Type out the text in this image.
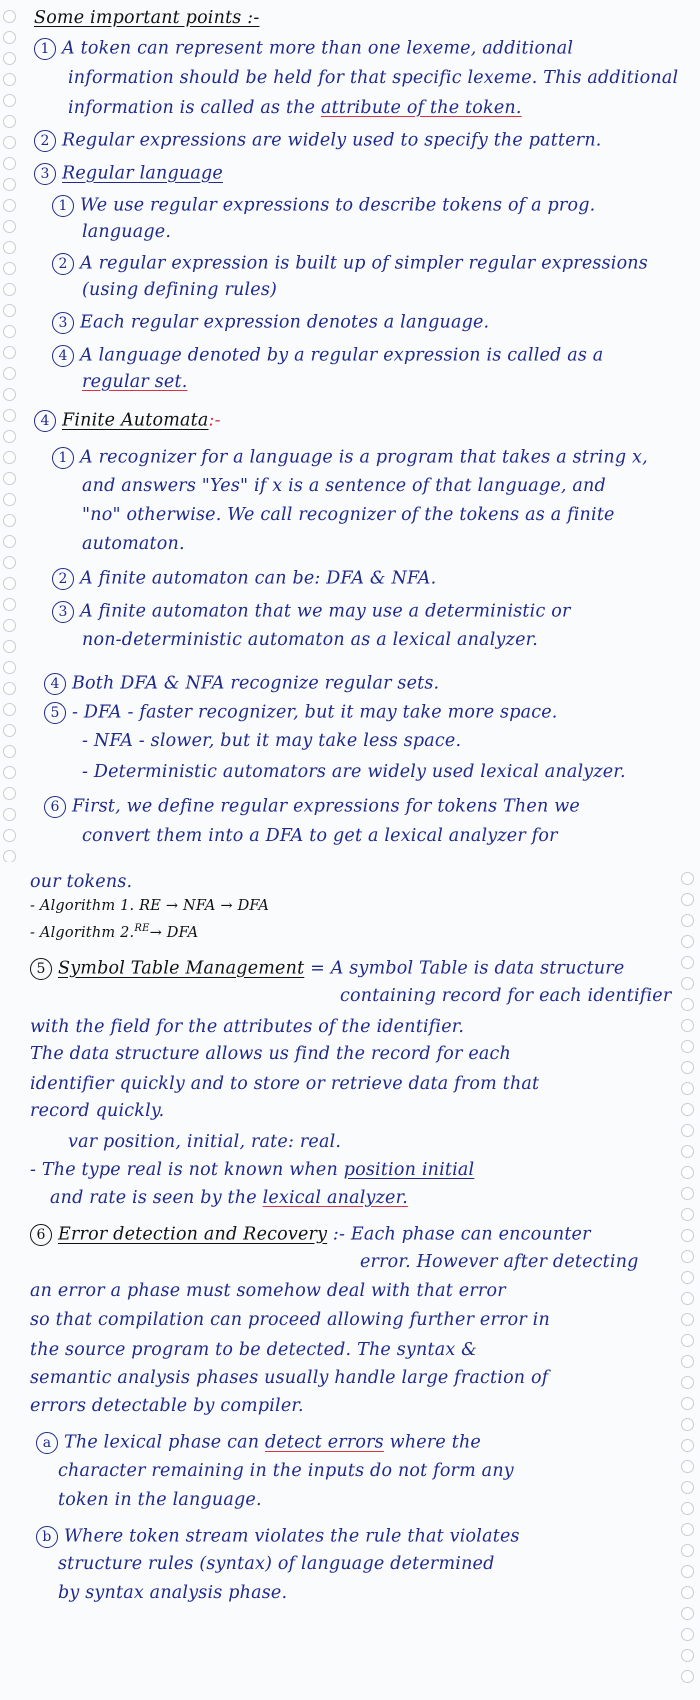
Some important points :-
1 A token can represent more than one lexeme, additional
information should be held for that specific lexeme. This additional
information is called as the attribute of the token.
2 Regular expressions are widely used to specify the pattern.
3 Regular language
1 We use regular expressions to describe tokens of a prog.
language.
2 A regular expression is built up of simpler regular expressions
(using defining rules)
3 Each regular expression denotes a language.
4 A language denoted by a regular expression is called as a
regular set.
4 Finite Automata:-
1 A recognizer for a language is a program that takes a string x,
and answers "Yes" if x is a sentence of that language, and
"no" otherwise. We call recognizer of the tokens as a finite
automaton.
2 A finite automaton can be: DFA & NFA.
3 A finite automaton that we may use a deterministic or
non-deterministic automaton as a lexical analyzer.
4 Both DFA & NFA recognize regular sets.
5 - DFA - faster recognizer, but it may take more space.
- NFA - slower, but it may take less space.
- Deterministic automators are widely used lexical analyzer.
6 First, we define regular expressions for tokens Then we
convert them into a DFA to get a lexical analyzer for
our tokens.
- Algorithm 1. RE → NFA → DFA
- Algorithm 2.$^{RE}$→ DFA
5 Symbol Table Management = A symbol Table is data structure
containing record for each identifier
with the field for the attributes of the identifier.
The data structure allows us find the record for each
identifier quickly and to store or retrieve data from that
record quickly.
var position, initial, rate: real.
- The type real is not known when position initial
and rate is seen by the lexical analyzer.
6 Error detection and Recovery :- Each phase can encounter
error. However after detecting
an error a phase must somehow deal with that error
so that compilation can proceed allowing further error in
the source program to be detected. The syntax &
semantic analysis phases usually handle large fraction of
errors detectable by compiler.
a The lexical phase can detect errors where the
character remaining in the inputs do not form any
token in the language.
b Where token stream violates the rule that violates
structure rules (syntax) of language determined
by syntax analysis phase.
